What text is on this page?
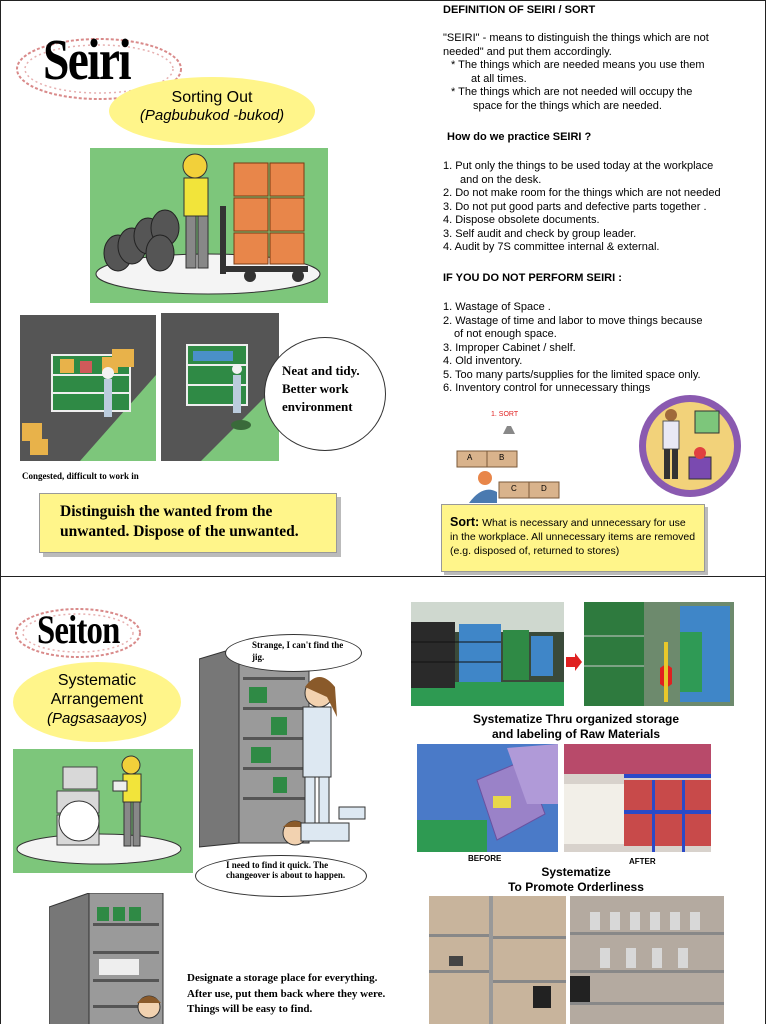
Seiri
Sorting Out
(Pagbubukod -bukod)
Neat and tidy. Better work environment
Congested, difficult to work in
Distinguish the wanted from the unwanted. Dispose of the unwanted.
DEFINITION OF SEIRI / SORT
"SEIRI" - means to distinguish the things which are not
needed" and put them accordingly.
* The things which are needed means you use them
at all times.
* The things which are not needed will occupy the
space for the things which are needed.
How do we practice SEIRI ?
1. Put only the things to be used today at the workplace
and on the desk.
2. Do not make room for the things which are not needed
3. Do not put good parts and defective parts together .
4. Dispose obsolete documents.
3. Self audit and check by group leader.
4. Audit by 7S committee internal & external.
IF YOU DO NOT PERFORM SEIRI :
1. Wastage of Space .
2. Wastage of time and labor to move things because
of not enough space.
3. Improper Cabinet / shelf.
4. Old inventory.
5. Too many parts/supplies for the limited space only.
6. Inventory control for unnecessary things
1. SORT
A	B
C	D
Sort: What is necessary and unnecessary for use in the workplace. All unnecessary items are removed (e.g. disposed of, returned to stores)
Seiton
Systematic
Arrangement
(Pagsasaayos)
Strange, I can't find the jig.
I need to find it quick. The changeover is about to happen.
Designate a storage place for everything. After use, put them back where they were. Things will be easy to find.
Systematize Thru organized storage
and labeling of Raw Materials
BEFORE	AFTER
Systematize
To Promote Orderliness
